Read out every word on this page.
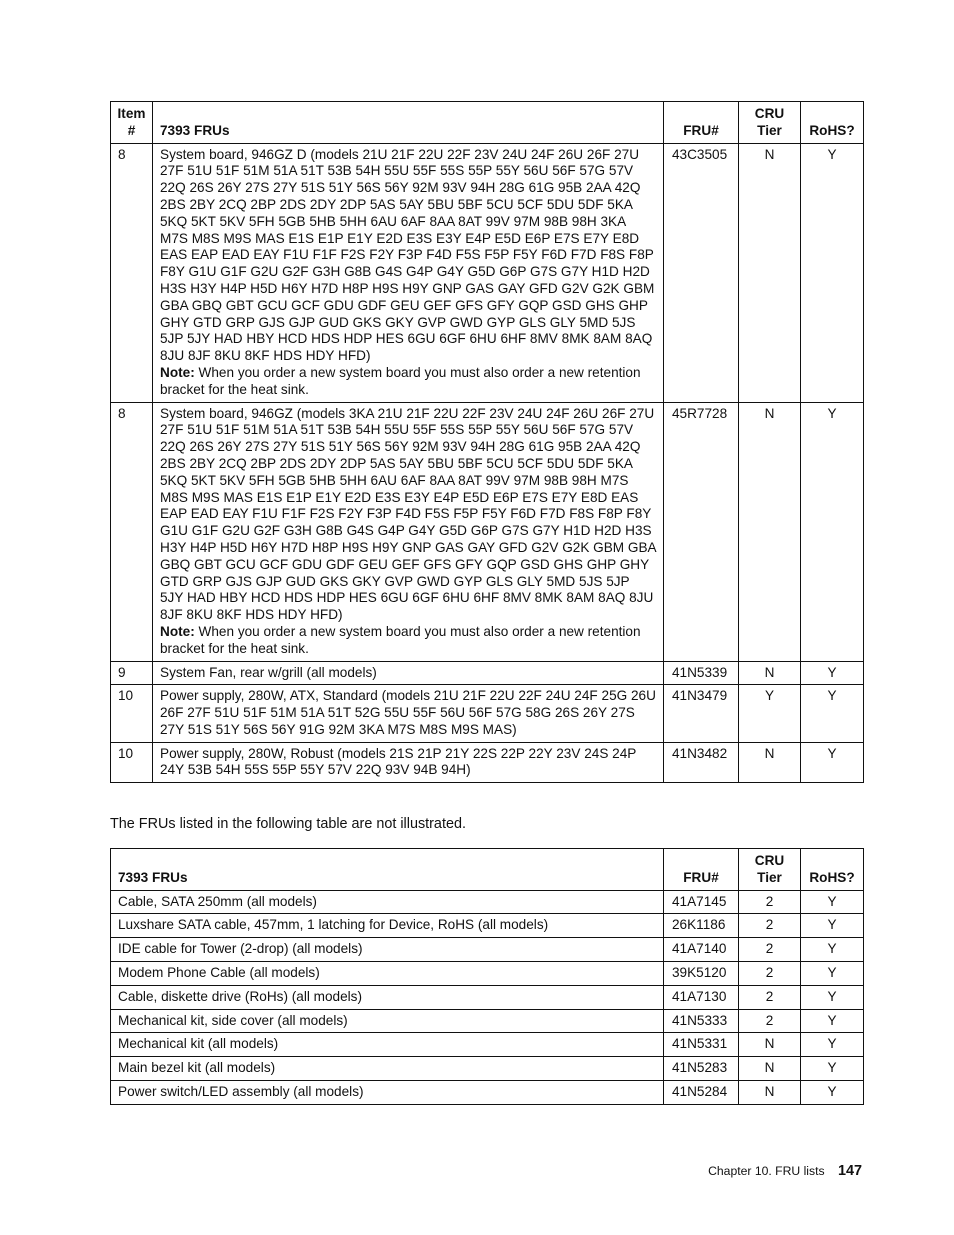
Item #	7393 FRUs	FRU#	CRU Tier	RoHS?
8	System board, 946GZ D (models 21U 21F 22U 22F 23V 24U 24F 26U 26F 27U 27F 51U 51F 51M 51A 51T 53B 54H 55U 55F 55S 55P 55Y 56U 56F 57G 57V 22Q 26S 26Y 27S 27Y 51S 51Y 56S 56Y 92M 93V 94H 28G 61G 95B 2AA 42Q 2BS 2BY 2CQ 2BP 2DS 2DY 2DP 5AS 5AY 5BU 5BF 5CU 5CF 5DU 5DF 5KA 5KQ 5KT 5KV 5FH 5GB 5HB 5HH 6AU 6AF 8AA 8AT 99V 97M 98B 98H 3KA M7S M8S M9S MAS E1S E1P E1Y E2D E3S E3Y E4P E5D E6P E7S E7Y E8D EAS EAP EAD EAY F1U F1F F2S F2Y F3P F4D F5S F5P F5Y F6D F7D F8S F8P F8Y G1U G1F G2U G2F G3H G8B G4S G4P G4Y G5D G6P G7S G7Y H1D H2D H3S H3Y H4P H5D H6Y H7D H8P H9S H9Y GNP GAS GAY GFD G2V G2K GBM GBA GBQ GBT GCU GCF GDU GDF GEU GEF GFS GFY GQP GSD GHS GHP GHY GTD GRP GJS GJP GUD GKS GKY GVP GWD GYP GLS GLY 5MD 5JS 5JP 5JY HAD HBY HCD HDS HDP HES 6GU 6GF 6HU 6HF 8MV 8MK 8AM 8AQ 8JU 8JF 8KU 8KF HDS HDY HFD)
Note: When you order a new system board you must also order a new retention bracket for the heat sink.	43C3505	N	Y
8	System board, 946GZ (models 3KA 21U 21F 22U 22F 23V 24U 24F 26U 26F 27U 27F 51U 51F 51M 51A 51T 53B 54H 55U 55F 55S 55P 55Y 56U 56F 57G 57V 22Q 26S 26Y 27S 27Y 51S 51Y 56S 56Y 92M 93V 94H 28G 61G 95B 2AA 42Q 2BS 2BY 2CQ 2BP 2DS 2DY 2DP 5AS 5AY 5BU 5BF 5CU 5CF 5DU 5DF 5KA 5KQ 5KT 5KV 5FH 5GB 5HB 5HH 6AU 6AF 8AA 8AT 99V 97M 98B 98H M7S M8S M9S MAS E1S E1P E1Y E2D E3S E3Y E4P E5D E6P E7S E7Y E8D EAS EAP EAD EAY F1U F1F F2S F2Y F3P F4D F5S F5P F5Y F6D F7D F8S F8P F8Y G1U G1F G2U G2F G3H G8B G4S G4P G4Y G5D G6P G7S G7Y H1D H2D H3S H3Y H4P H5D H6Y H7D H8P H9S H9Y GNP GAS GAY GFD G2V G2K GBM GBA GBQ GBT GCU GCF GDU GDF GEU GEF GFS GFY GQP GSD GHS GHP GHY GTD GRP GJS GJP GUD GKS GKY GVP GWD GYP GLS GLY 5MD 5JS 5JP 5JY HAD HBY HCD HDS HDP HES 6GU 6GF 6HU 6HF 8MV 8MK 8AM 8AQ 8JU 8JF 8KU 8KF HDS HDY HFD)
Note: When you order a new system board you must also order a new retention bracket for the heat sink.	45R7728	N	Y
9	System Fan, rear w/grill (all models)	41N5339	N	Y
10	Power supply, 280W, ATX, Standard (models 21U 21F 22U 22F 24U 24F 25G 26U 26F 27F 51U 51F 51M 51A 51T 52G 55U 55F 56U 56F 57G 58G 26S 26Y 27S 27Y 51S 51Y 56S 56Y 91G 92M 3KA M7S M8S M9S MAS)	41N3479	Y	Y
10	Power supply, 280W, Robust (models 21S 21P 21Y 22S 22P 22Y 23V 24S 24P 24Y 53B 54H 55S 55P 55Y 57V 22Q 93V 94B 94H)	41N3482	N	Y

The FRUs listed in the following table are not illustrated.

7393 FRUs	FRU#	CRU Tier	RoHS?
Cable, SATA 250mm (all models)	41A7145	2	Y
Luxshare SATA cable, 457mm, 1 latching for Device, RoHS (all models)	26K1186	2	Y
IDE cable for Tower (2-drop) (all models)	41A7140	2	Y
Modem Phone Cable (all models)	39K5120	2	Y
Cable, diskette drive (RoHs) (all models)	41A7130	2	Y
Mechanical kit, side cover (all models)	41N5333	2	Y
Mechanical kit (all models)	41N5331	N	Y
Main bezel kit (all models)	41N5283	N	Y
Power switch/LED assembly (all models)	41N5284	N	Y
Chapter 10. FRU lists 147
